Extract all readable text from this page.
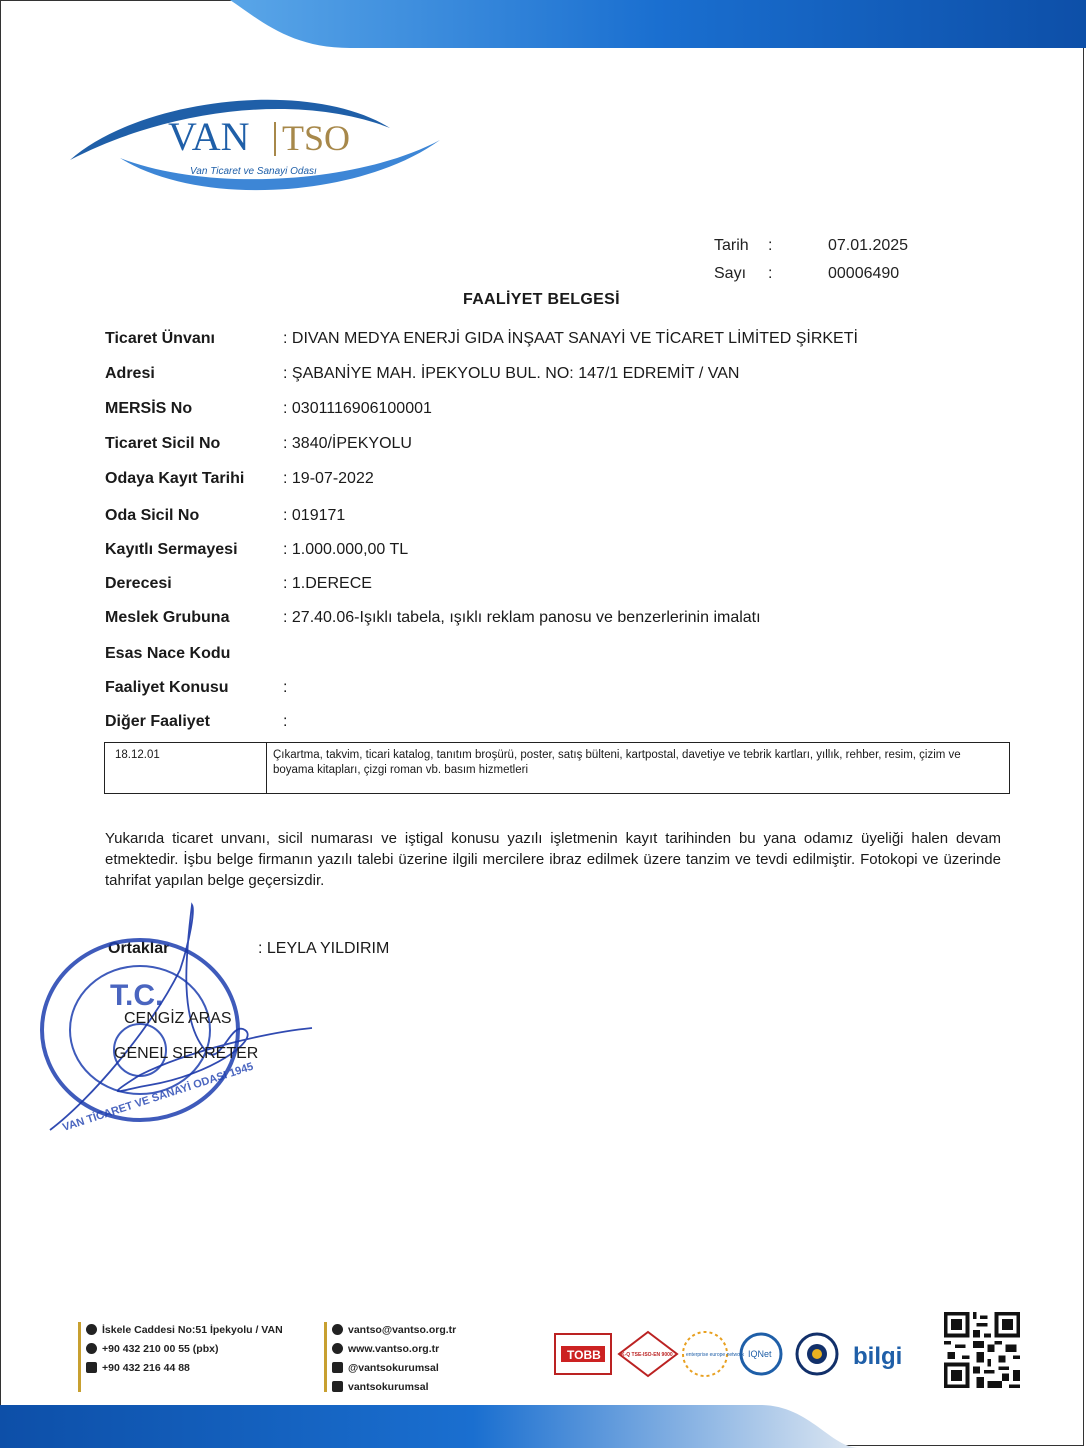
VAN TSO
Van Ticaret ve Sanayi Odası
Tarih :	07.01.2025
Sayı :	00006490
FAALİYET BELGESİ
Ticaret Ünvanı	: DIVAN MEDYA ENERJİ GIDA İNŞAAT SANAYİ VE TİCARET LİMİTED ŞİRKETİ
Adresi	: ŞABANİYE MAH. İPEKYOLU BUL. NO: 147/1 EDREMİT / VAN
MERSİS No	: 0301116906100001
Ticaret Sicil No	: 3840/İPEKYOLU
Odaya Kayıt Tarihi : 19-07-2022
Oda Sicil No	: 019171
Kayıtlı Sermayesi	: 1.000.000,00 TL
Derecesi	: 1.DERECE
Meslek Grubuna	: 27.40.06-Işıklı tabela, ışıklı reklam panosu ve benzerlerinin imalatı
Esas Nace Kodu
Faaliyet Konusu	:
Diğer Faaliyet	:
18.12.01	Çıkartma, takvim, ticari katalog, tanıtım broşürü, poster, satış bülteni, kartpostal, davetiye ve tebrik kartları, yıllık, rehber, resim, çizim ve boyama kitapları, çizgi roman vb. basım hizmetleri
Yukarıda ticaret unvanı, sicil numarası ve iştigal konusu yazılı işletmenin kayıt tarihinden bu yana odamız üyeliği halen devam etmektedir. İşbu belge firmanın yazılı talebi üzerine ilgili mercilere ibraz edilmek üzere tanzim ve tevdi edilmiştir. Fotokopi ve üzerinde tahrifat yapılan belge geçersizdir.
Ortaklar	: LEYLA YILDIRIM
T.C.
VAN TİCARET VE SANAYİ ODASI 1945
CENGİZ ARAS
GENEL SEKRETER
İskele Caddesi No:51 İpekyolu / VAN
+90 432 210 00 55 (pbx)
+90 432 216 44 88
vantso@vantso.org.tr
www.vantso.org.tr
@vantsokurumsal
vantsokurumsal
TOBB	K-Q TSE-ISO-EN 9000	enterprise europe network IQNet	bilgi
